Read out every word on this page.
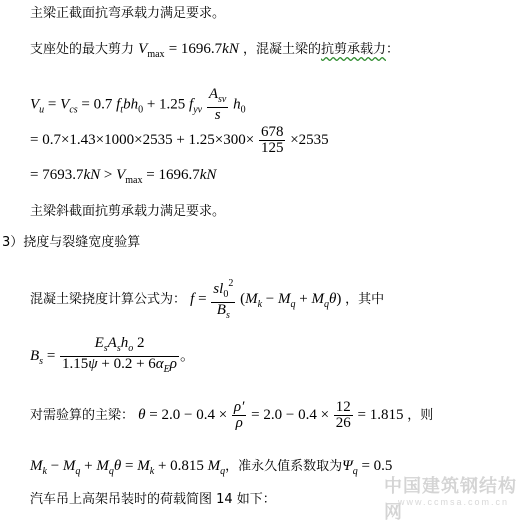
主梁正截面抗弯承载力满足要求。
支座处的最大剪力 $V_{max} = 1696.7kN$ ，混凝土梁的抗剪承载力：
$V_u = V_{cs} = 0.7$ $f_tbh_0 + 1.25$ $f_{yv} \frac{A_{sv}}{s} h_0$
= $0.7\times 1.43\times 1000\times 2535 + 1.25\times 300\times \frac{678}{125} \times 2535$
= $7693.7kN > V_{max} = 1696.7kN$
主梁斜截面抗剪承载力满足要求。
3）挠度与裂缝宽度验算
混凝土梁挠度计算公式为： $f = \frac{sl_0^2}{B_s} (M_k - M_q + M_q\theta)$ ，其中
$B_s = \frac{E_sA_sh_o 2}{1.15\psi + 0.2 + 6\alpha_E\rho}$ 。
对需验算的主梁： $\theta = 2.0 - 0.4 \times \frac{\rho'}{\rho} = 2.0 - 0.4 \times \frac{12}{26} = 1.815$ ，则
$M_k - M_q + M_q\theta = M_k + 0.815$ $M_q$，准永久值系数取为$\Psi_q = 0.5$
汽车吊上高架吊装时的荷载简图 14 如下：
中国建筑钢结构网
www.ccmsa.com.cn
